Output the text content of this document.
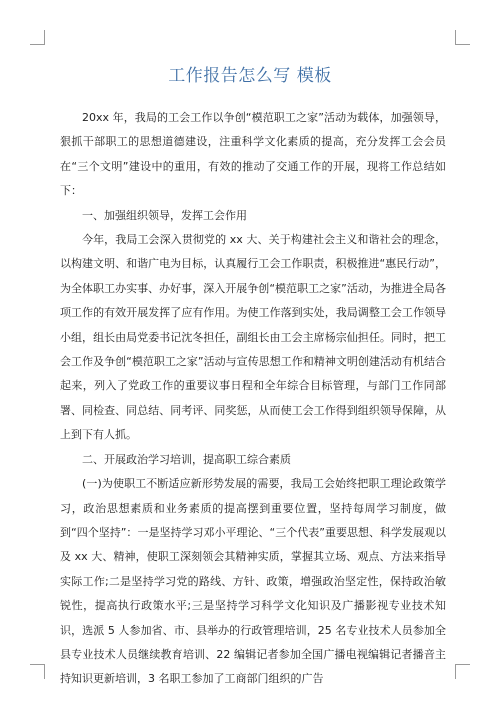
工作报告怎么写 模板

20xx 年，我局的工会工作以争创“模范职工之家”活动为载体，加强领导，狠抓干部职工的思想道德建设，注重科学文化素质的提高，充分发挥工会会员在“三个文明”建设中的重用，有效的推动了交通工作的开展，现将工作总结如下：

一、加强组织领导，发挥工会作用

今年，我局工会深入贯彻党的 xx 大、关于构建社会主义和谐社会的理念，以构建文明、和谐广电为目标，认真履行工会工作职责，积极推进“惠民行动”，为全体职工办实事、办好事，深入开展争创“模范职工之家”活动，为推进全局各项工作的有效开展发挥了应有作用。为使工作落到实处，我局调整工会工作领导小组，组长由局党委书记沈冬担任，副组长由工会主席杨宗仙担任。同时，把工会工作及争创“模范职工之家”活动与宣传思想工作和精神文明创建活动有机结合起来，列入了党政工作的重要议事日程和全年综合目标管理，与部门工作同部署、同检查、同总结、同考评、同奖惩，从而使工会工作得到组织领导保障，从上到下有人抓。

二、开展政治学习培训，提高职工综合素质

(一)为使职工不断适应新形势发展的需要，我局工会始终把职工理论政策学习，政治思想素质和业务素质的提高摆到重要位置，坚持每周学习制度，做到“四个坚持”：一是坚持学习邓小平理论、“三个代表”重要思想、科学发展观以及 xx 大、精神，使职工深刻领会其精神实质，掌握其立场、观点、方法来指导实际工作;二是坚持学习党的路线、方针、政策，增强政治坚定性，保持政治敏锐性，提高执行政策水平;三是坚持学习科学文化知识及广播影视专业技术知识，选派 5 人参加省、市、县举办的行政管理培训，25 名专业技术人员参加全县专业技术人员继续教育培训、22 编辑记者参加全国广播电视编辑记者播音主持知识更新培训，3 名职工参加了工商部门组织的广告
